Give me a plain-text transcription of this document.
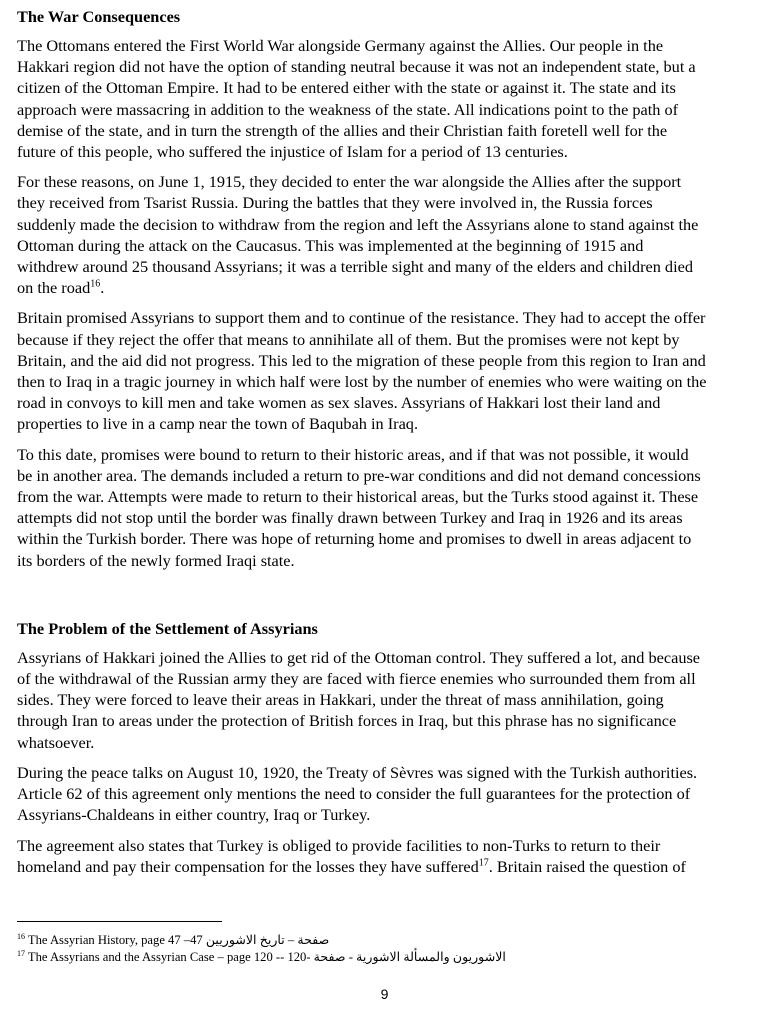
The War Consequences

The Ottomans entered the First World War alongside Germany against the Allies. Our people in the Hakkari region did not have the option of standing neutral because it was not an independent state, but a citizen of the Ottoman Empire. It had to be entered either with the state or against it. The state and its approach were massacring in addition to the weakness of the state. All indications point to the path of demise of the state, and in turn the strength of the allies and their Christian faith foretell well for the future of this people, who suffered the injustice of Islam for a period of 13 centuries.

For these reasons, on June 1, 1915, they decided to enter the war alongside the Allies after the support they received from Tsarist Russia. During the battles that they were involved in, the Russia forces suddenly made the decision to withdraw from the region and left the Assyrians alone to stand against the Ottoman during the attack on the Caucasus. This was implemented at the beginning of 1915 and withdrew around 25 thousand Assyrians; it was a terrible sight and many of the elders and children died on the road$^{16}$.

Britain promised Assyrians to support them and to continue of the resistance. They had to accept the offer because if they reject the offer that means to annihilate all of them. But the promises were not kept by Britain, and the aid did not progress. This led to the migration of these people from this region to Iran and then to Iraq in a tragic journey in which half were lost by the number of enemies who were waiting on the road in convoys to kill men and take women as sex slaves. Assyrians of Hakkari lost their land and properties to live in a camp near the town of Baqubah in Iraq.

To this date, promises were bound to return to their historic areas, and if that was not possible, it would be in another area. The demands included a return to pre-war conditions and did not demand concessions from the war. Attempts were made to return to their historical areas, but the Turks stood against it. These attempts did not stop until the border was finally drawn between Turkey and Iraq in 1926 and its areas within the Turkish border. There was hope of returning home and promises to dwell in areas adjacent to its borders of the newly formed Iraqi state.

The Problem of the Settlement of Assyrians

Assyrians of Hakkari joined the Allies to get rid of the Ottoman control. They suffered a lot, and because of the withdrawal of the Russian army they are faced with fierce enemies who surrounded them from all sides. They were forced to leave their areas in Hakkari, under the threat of mass annihilation, going through Iran to areas under the protection of British forces in Iraq, but this phrase has no significance whatsoever.

During the peace talks on August 10, 1920, the Treaty of Sèvres was signed with the Turkish authorities. Article 62 of this agreement only mentions the need to consider the full guarantees for the protection of Assyrians-Chaldeans in either country, Iraq or Turkey.

The agreement also states that Turkey is obliged to provide facilities to non-Turks to return to their homeland and pay their compensation for the losses they have suffered$^{17}$. Britain raised the question of

$^{16}$ The Assyrian History, page 47 –47 صفحة – تاريخ الاشوريين
$^{17}$ The Assyrians and the Assyrian Case – page 120 -- 120- الاشوريون والمسألة الاشورية - صفحة
9
